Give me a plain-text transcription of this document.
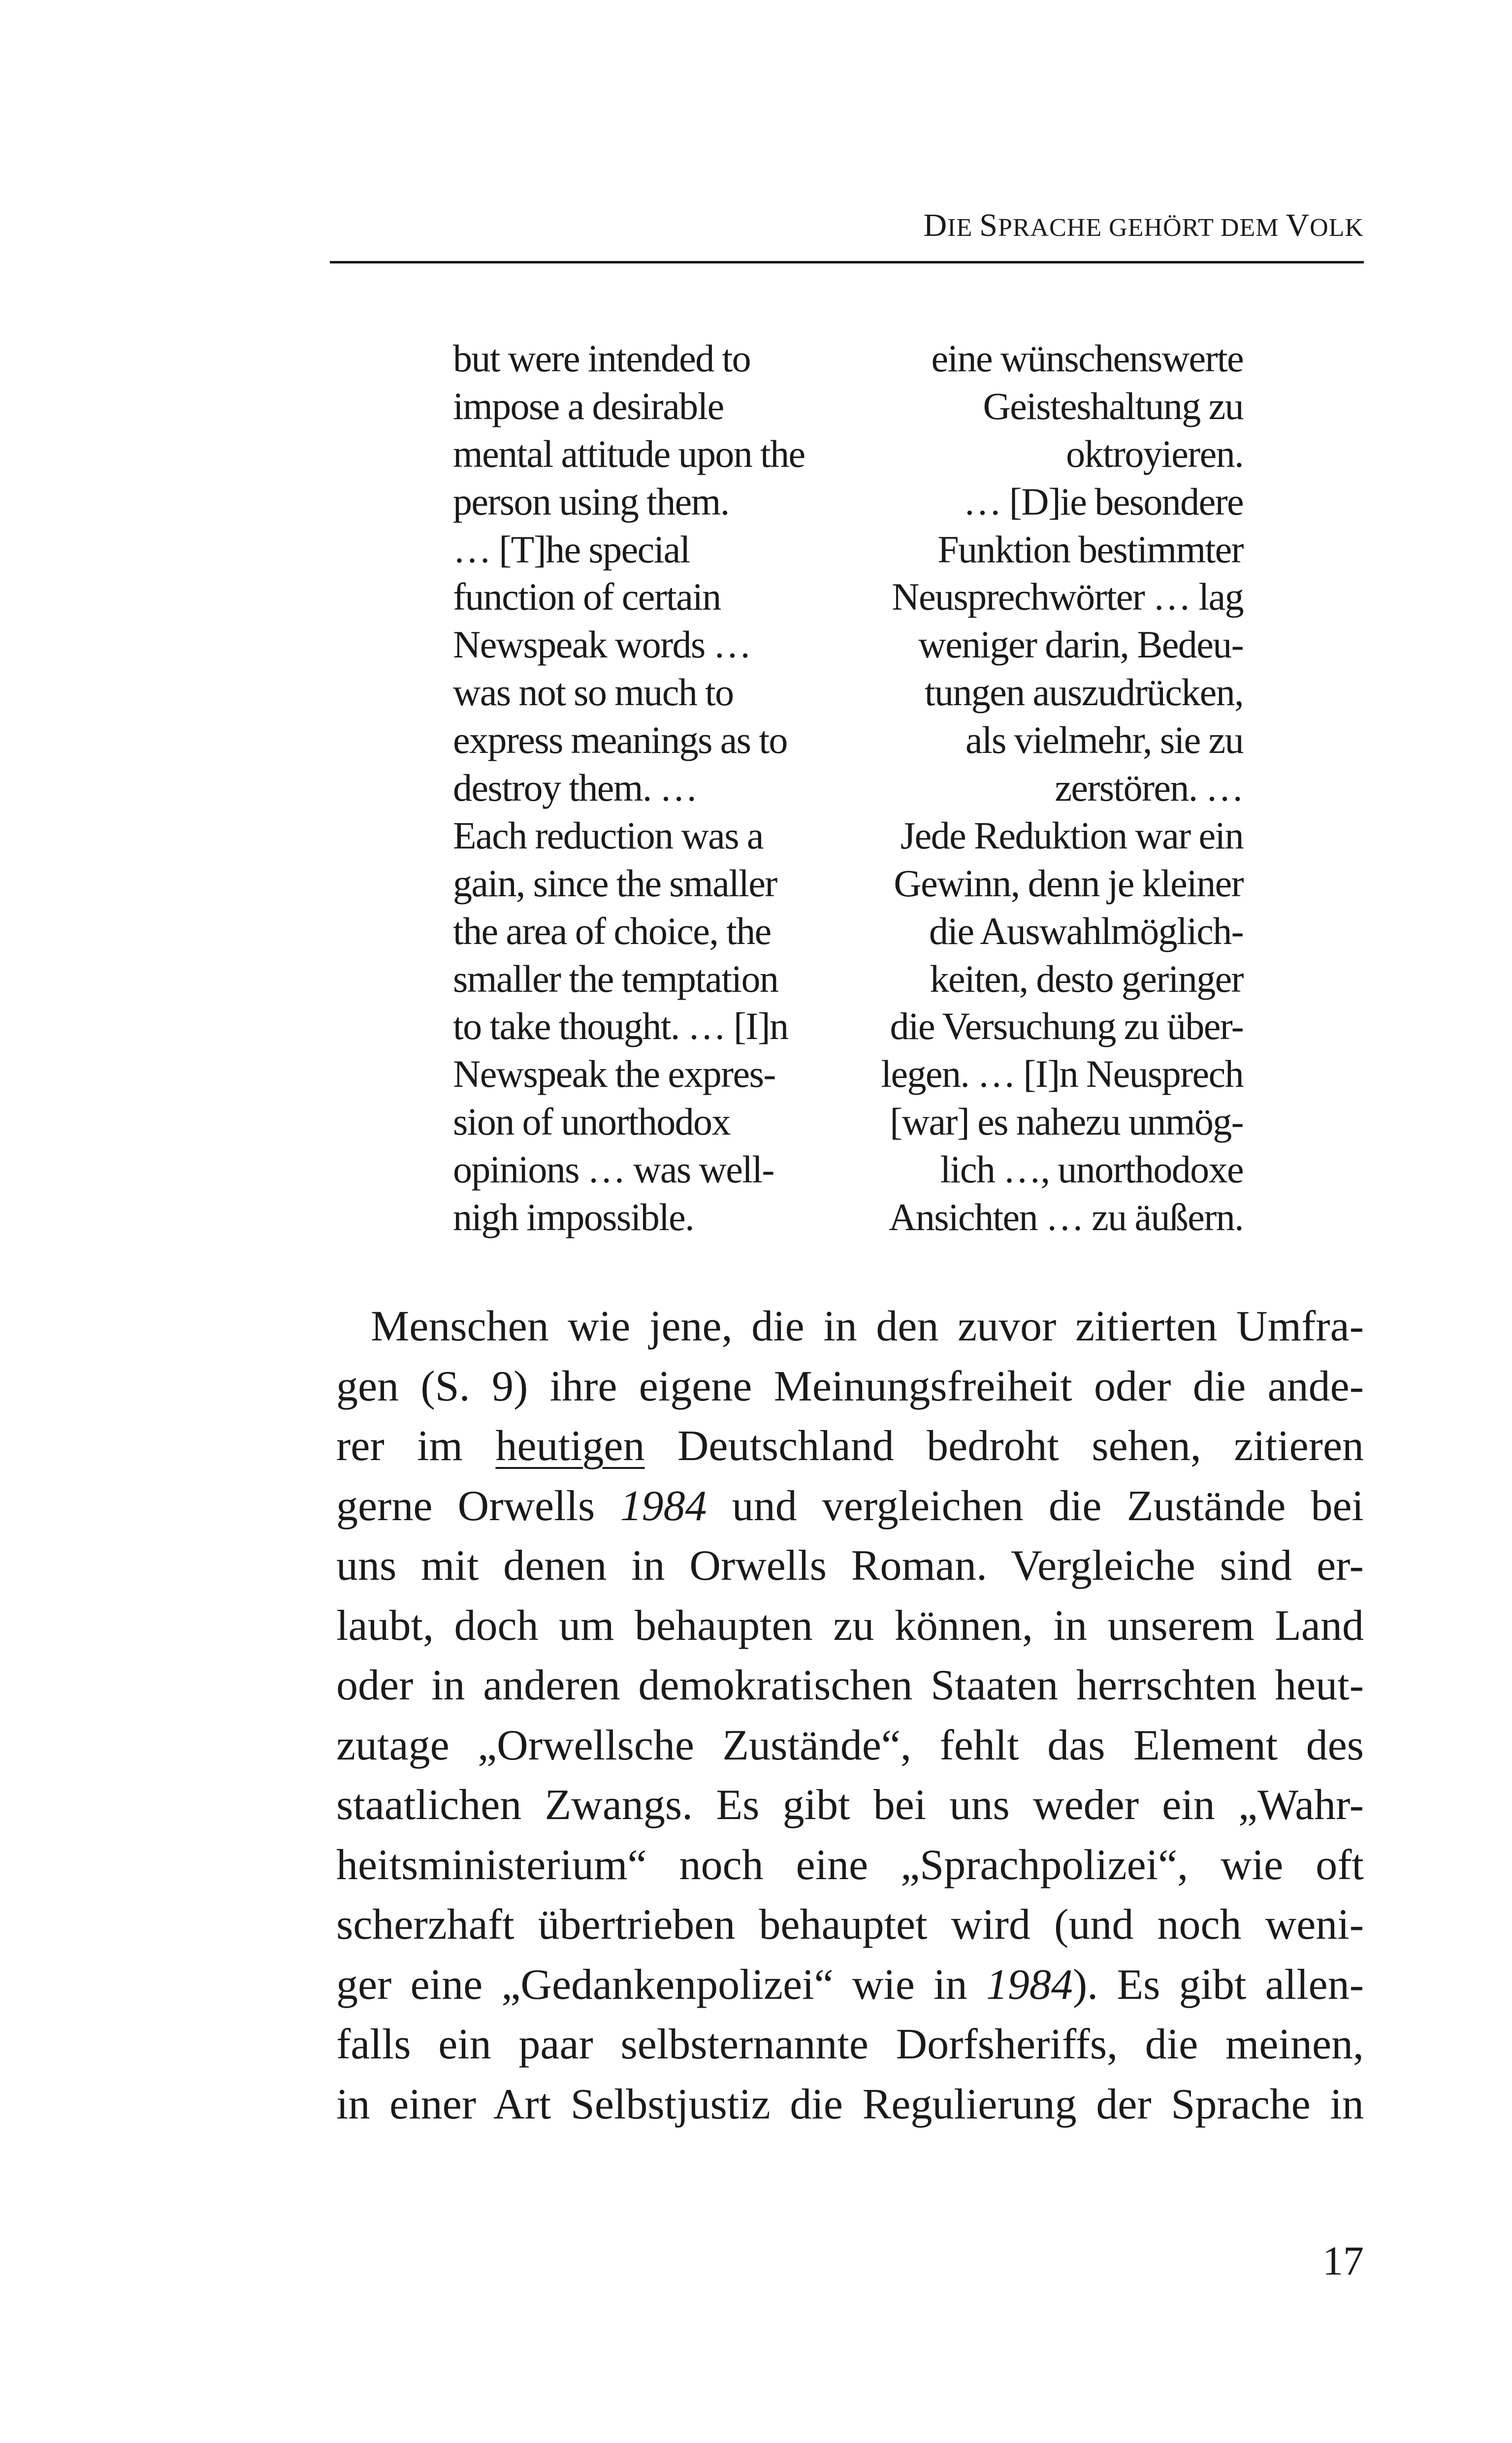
DIE SPRACHE GEHÖRT DEM VOLK
but were intended to
impose a desirable
mental attitude upon the
person using them.
… [T]he special
function of certain
Newspeak words …
was not so much to
express meanings as to
destroy them. …
Each reduction was a
gain, since the smaller
the area of choice, the
smaller the temptation
to take thought. … [I]n
Newspeak the expres-
sion of unorthodox
opinions … was well-
nigh impossible.
eine wünschenswerte
Geisteshaltung zu
oktroyieren.
… [D]ie besondere
Funktion bestimmter
Neusprechwörter … lag
weniger darin, Bedeu-
tungen auszudrücken,
als vielmehr, sie zu
zerstören. …
Jede Reduktion war ein
Gewinn, denn je kleiner
die Auswahlmöglich-
keiten, desto geringer
die Versuchung zu über-
legen. … [I]n Neusprech
[war] es nahezu unmög-
lich …, unorthodoxe
Ansichten … zu äußern.
Menschen wie jene, die in den zuvor zitierten Umfra-
gen (S. 9) ihre eigene Meinungsfreiheit oder die ande-
rer im heutigen Deutschland bedroht sehen, zitieren
gerne Orwells 1984 und vergleichen die Zustände bei
uns mit denen in Orwells Roman. Vergleiche sind er-
laubt, doch um behaupten zu können, in unserem Land
oder in anderen demokratischen Staaten herrschten heut-
zutage „Orwellsche Zustände“, fehlt das Element des
staatlichen Zwangs. Es gibt bei uns weder ein „Wahr-
heitsministerium“ noch eine „Sprachpolizei“, wie oft
scherzhaft übertrieben behauptet wird (und noch weni-
ger eine „Gedankenpolizei“ wie in 1984). Es gibt allen-
falls ein paar selbsternannte Dorfsheriffs, die meinen,
in einer Art Selbstjustiz die Regulierung der Sprache in
17
